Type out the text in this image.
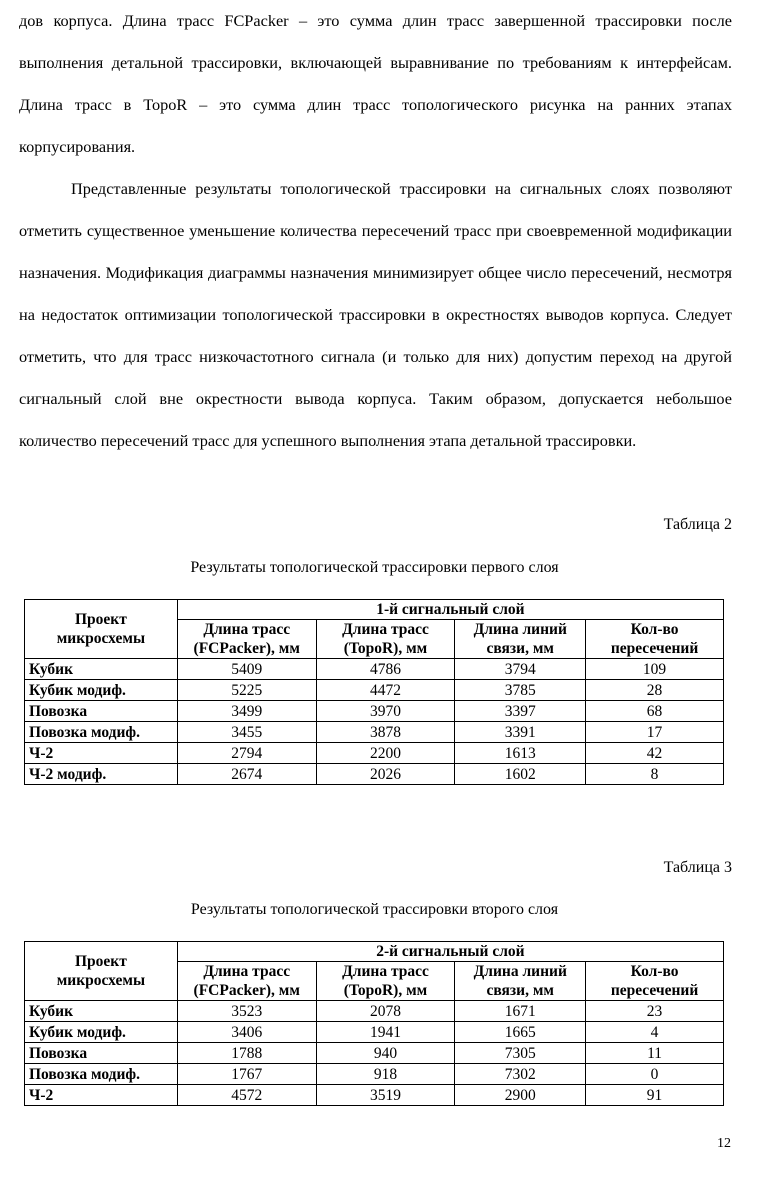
дов корпуса. Длина трасс FCPacker – это сумма длин трасс завершенной трассировки после выполнения детальной трассировки, включающей выравнивание по требованиям к интерфейсам. Длина трасс в TopoR – это сумма длин трасс топологического рисунка на ранних этапах корпусирования.

Представленные результаты топологической трассировки на сигнальных слоях позволяют отметить существенное уменьшение количества пересечений трасс при своевременной модификации назначения. Модификация диаграммы назначения минимизирует общее число пересечений, несмотря на недостаток оптимизации топологической трассировки в окрестностях выводов корпуса. Следует отметить, что для трасс низкочастотного сигнала (и только для них) допустим переход на другой сигнальный слой вне окрестности вывода корпуса. Таким образом, допускается небольшое количество пересечений трасс для успешного выполнения этапа детальной трассировки.

Таблица 2
Результаты топологической трассировки первого слоя
Проект микросхемы	1-й сигнальный слой			
	Длина трасс (FCPacker), мм	Длина трасс (TopoR), мм	Длина линий связи, мм	Кол-во пересечений
Кубик	5409	4786	3794	109
Кубик модиф.	5225	4472	3785	28
Повозка	3499	3970	3397	68
Повозка модиф.	3455	3878	3391	17
Ч-2	2794	2200	1613	42
Ч-2 модиф.	2674	2026	1602	8
Таблица 3
Результаты топологической трассировки второго слоя
Проект микросхемы	2-й сигнальный слой			
	Длина трасс (FCPacker), мм	Длина трасс (TopoR), мм	Длина линий связи, мм	Кол-во пересечений
Кубик	3523	2078	1671	23
Кубик модиф.	3406	1941	1665	4
Повозка	1788	940	7305	11
Повозка модиф.	1767	918	7302	0
Ч-2	4572	3519	2900	91
12
